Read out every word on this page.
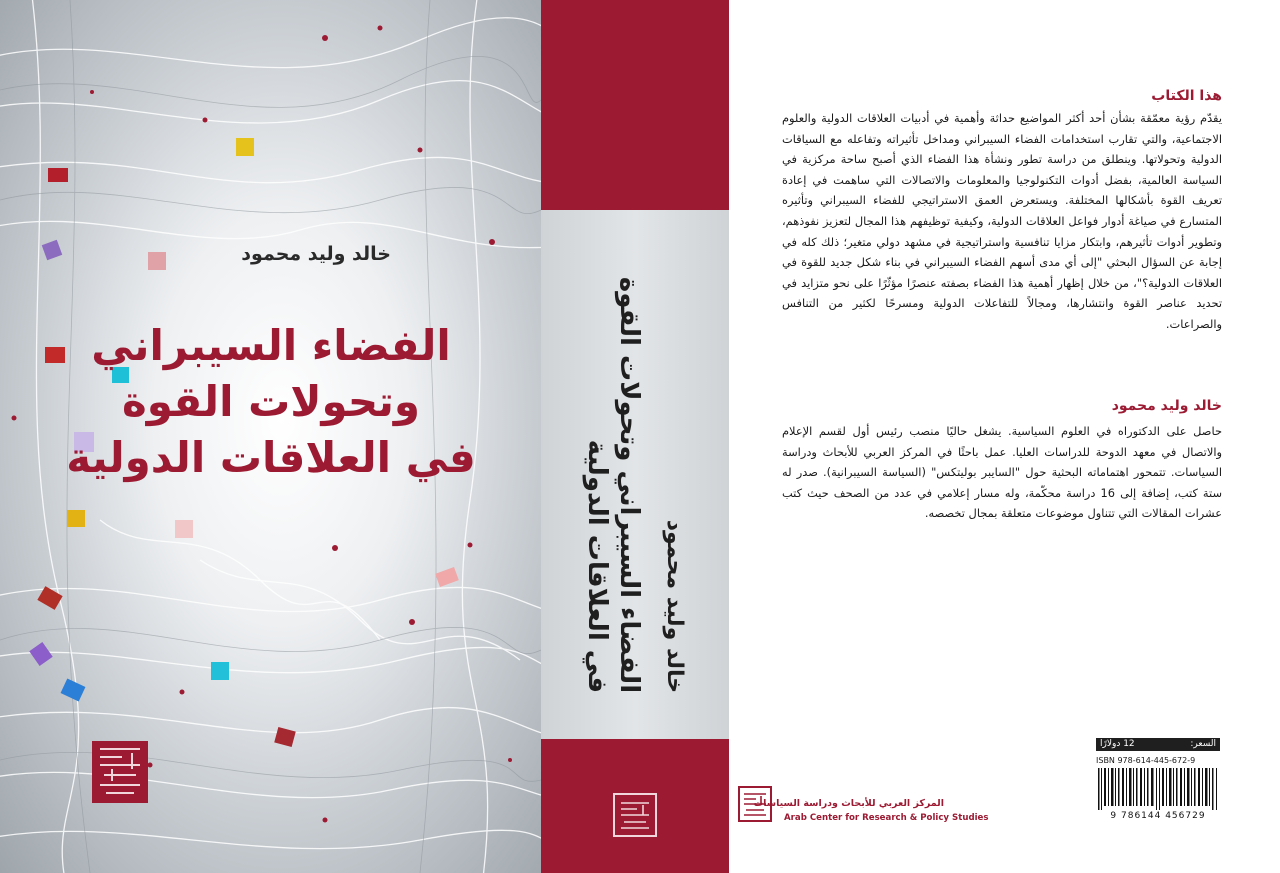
خالد وليد محمود
الفضاء السيبراني
وتحولات القوة
في العلاقات الدولية
خالد وليد محمود
الفضاء السيبراني وتحولات القوة
في العلاقات الدولية
هذا الكتاب
يقدّم رؤية معمّقة بشأن أحد أكثر المواضيع حداثة وأهمية في أدبيات العلاقات الدولية والعلوم الاجتماعية، والتي تقارب استخدامات الفضاء السيبراني ومداخل تأثيراته وتفاعله مع السياقات الدولية وتحولاتها. وينطلق من دراسة تطور ونشأة هذا الفضاء الذي أصبح ساحة مركزية في السياسة العالمية، بفضل أدوات التكنولوجيا والمعلومات والاتصالات التي ساهمت في إعادة تعريف القوة بأشكالها المختلفة. ويستعرض العمق الاستراتيجي للفضاء السيبراني وتأثيره المتسارع في صياغة أدوار فواعل العلاقات الدولية، وكيفية توظيفهم هذا المجال لتعزيز نفوذهم، وتطوير أدوات تأثيرهم، وابتكار مزايا تنافسية واستراتيجية في مشهد دولي متغير؛ ذلك كله في إجابة عن السؤال البحثي "إلى أي مدى أسهم الفضاء السيبراني في بناء شكل جديد للقوة في العلاقات الدولية؟"، من خلال إظهار أهمية هذا الفضاء بصفته عنصرًا مؤثّرًا على نحو متزايد في تحديد عناصر القوة وانتشارها، ومجالاً للتفاعلات الدولية ومسرحًا لكثير من التنافس والصراعات.
خالد وليد محمود
حاصل على الدكتوراه في العلوم السياسية. يشغل حاليًا منصب رئيس أول لقسم الإعلام والاتصال في معهد الدوحة للدراسات العليا. عمل باحثًا في المركز العربي للأبحاث ودراسة السياسات. تتمحور اهتماماته البحثية حول "السايبر بوليتكس" (السياسة السيبرانية). صدر له ستة كتب، إضافة إلى 16 دراسة محكّمة، وله مسار إعلامي في عدد من الصحف حيث كتب عشرات المقالات التي تتناول موضوعات متعلقة بمجال تخصصه.
السعر:
12 دولارًا
ISBN 978-614-445-672-9
9 786144 456729
المركز العربي للأبحاث ودراسة السياسات
Arab Center for Research & Policy Studies
